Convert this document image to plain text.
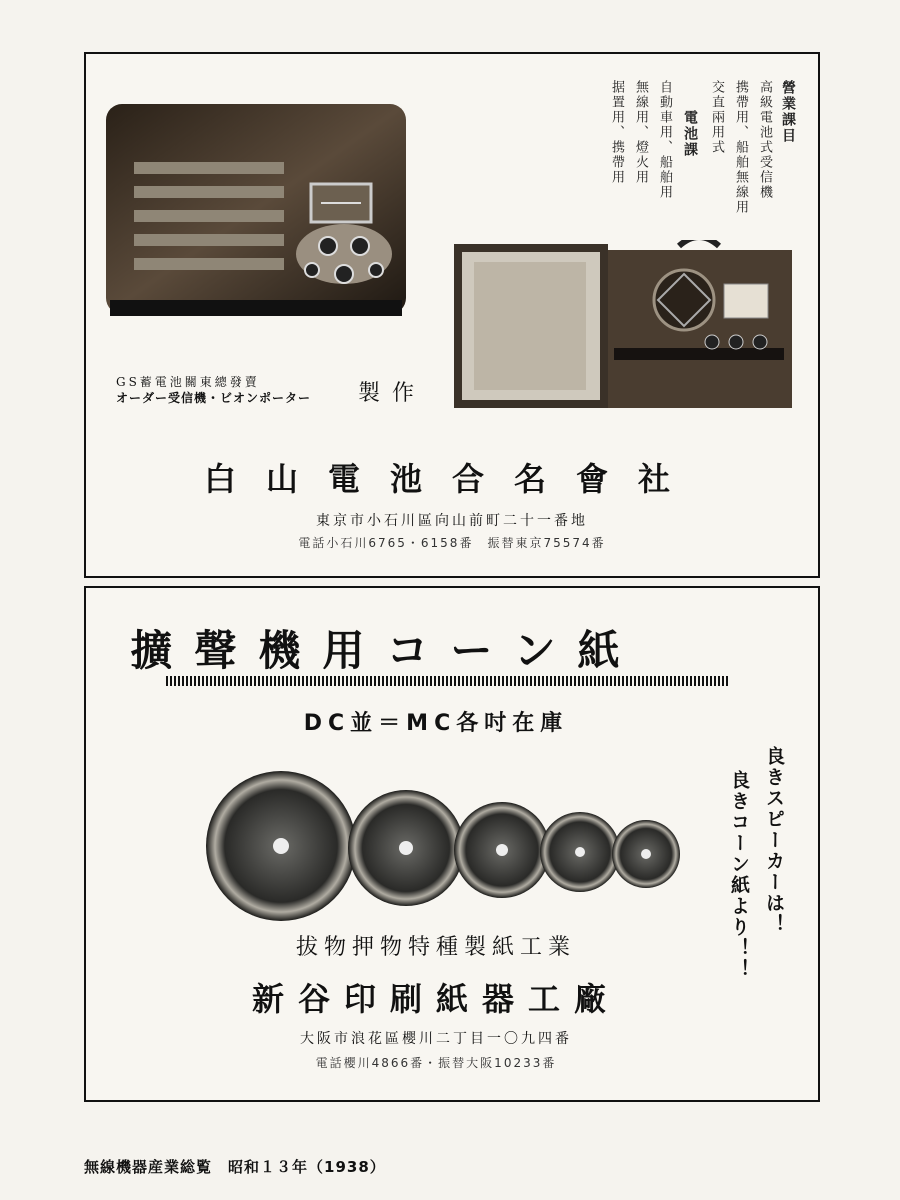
營業課目
高級電池式受信機
携帶用、船舶無線用
交直兩用式
電池課
自動車用、船舶用
無線用、燈火用
据置用、携帶用
GS蓄電池關東總發賣
オーダー受信機・ビオンポーター 製作
白山電池合名會社
東京市小石川區向山前町二十一番地
電話小石川6765・6158番　振替東京75574番
擴聲機用コーン紙
DC並＝MC各吋在庫
良きスピーカーは！
良きコーン紙より！！
拔物押物特種製紙工業
新谷印刷紙器工廠
大阪市浪花區櫻川二丁目一〇九四番
電話櫻川4866番・振替大阪10233番
無線機器産業総覧　昭和１３年（1938）
